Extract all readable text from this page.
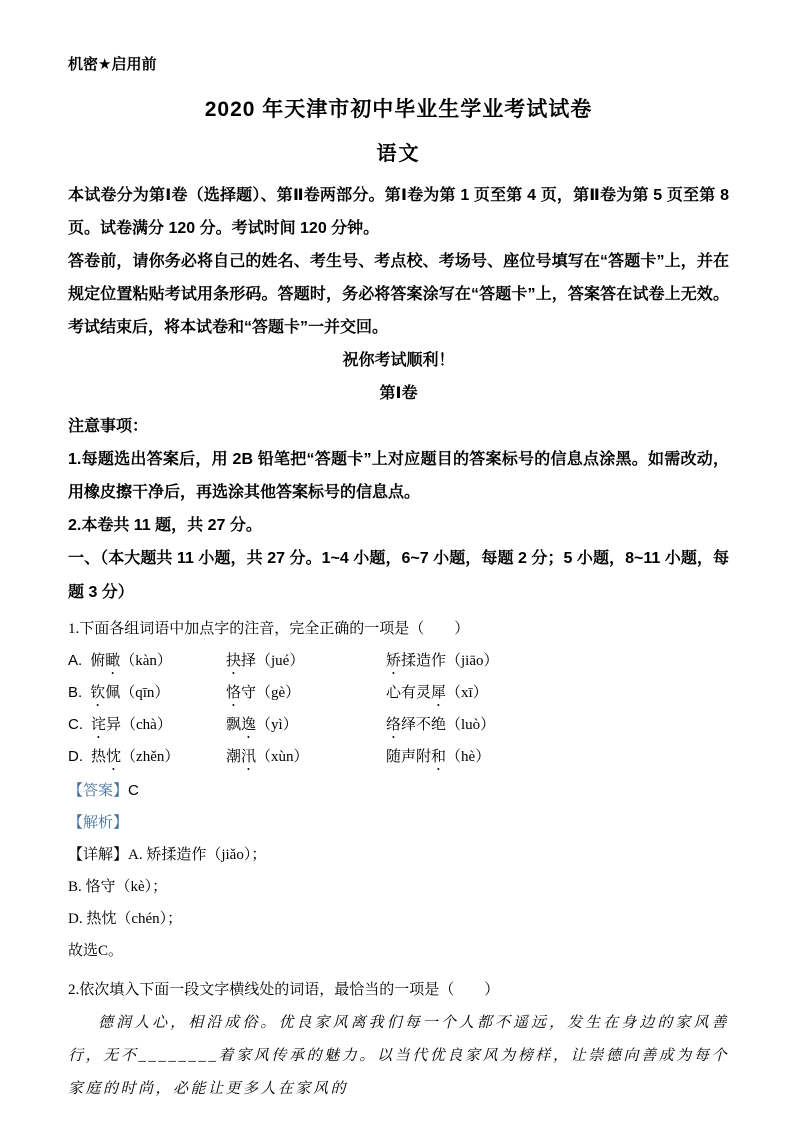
机密★启用前
2020 年天津市初中毕业生学业考试试卷
语文

本试卷分为第Ⅰ卷（选择题）、第Ⅱ卷两部分。第Ⅰ卷为第 1 页至第 4 页，第Ⅱ卷为第 5 页至第 8 页。试卷满分 120 分。考试时间 120 分钟。

答卷前，请你务必将自己的姓名、考生号、考点校、考场号、座位号填写在“答题卡”上，并在规定位置粘贴考试用条形码。答题时，务必将答案涂写在“答题卡”上，答案答在试卷上无效。考试结束后，将本试卷和“答题卡”一并交回。

祝你考试顺利！
第Ⅰ卷
注意事项：

1.每题选出答案后，用 2B 铅笔把“答题卡”上对应题目的答案标号的信息点涂黑。如需改动，用橡皮擦干净后，再选涂其他答案标号的信息点。

2.本卷共 11 题，共 27 分。

一、（本大题共 11 小题，共 27 分。1~4 小题，6~7 小题，每题 2 分；5 小题，8~11 小题，每题 3 分）

1.下面各组词语中加点字的注音，完全正确的一项是（　　）
A. 俯瞰（kàn）	抉择（jué）	矫揉造作（jiāo）
B. 钦佩（qīn）	恪守（gè）	心有灵犀（xī）
C. 诧异（chà）	飘逸（yì）	络绎不绝（luò）
D. 热忱（zhěn）	潮汛（xùn）	随声附和（hè）

【答案】C

【解析】

【详解】A. 矫揉造作（jiǎo）；

B. 恪守（kè）；

D. 热忱（chén）；

故选C。

2.依次填入下面一段文字横线处的词语，最恰当的一项是（　　）

德润人心，相沿成俗。优良家风离我们每一个人都不遥远，发生在身边的家风善行，无不________着家风传承的魅力。以当代优良家风为榜样，让崇德向善成为每个家庭的时尚，必能让更多人在家风的
